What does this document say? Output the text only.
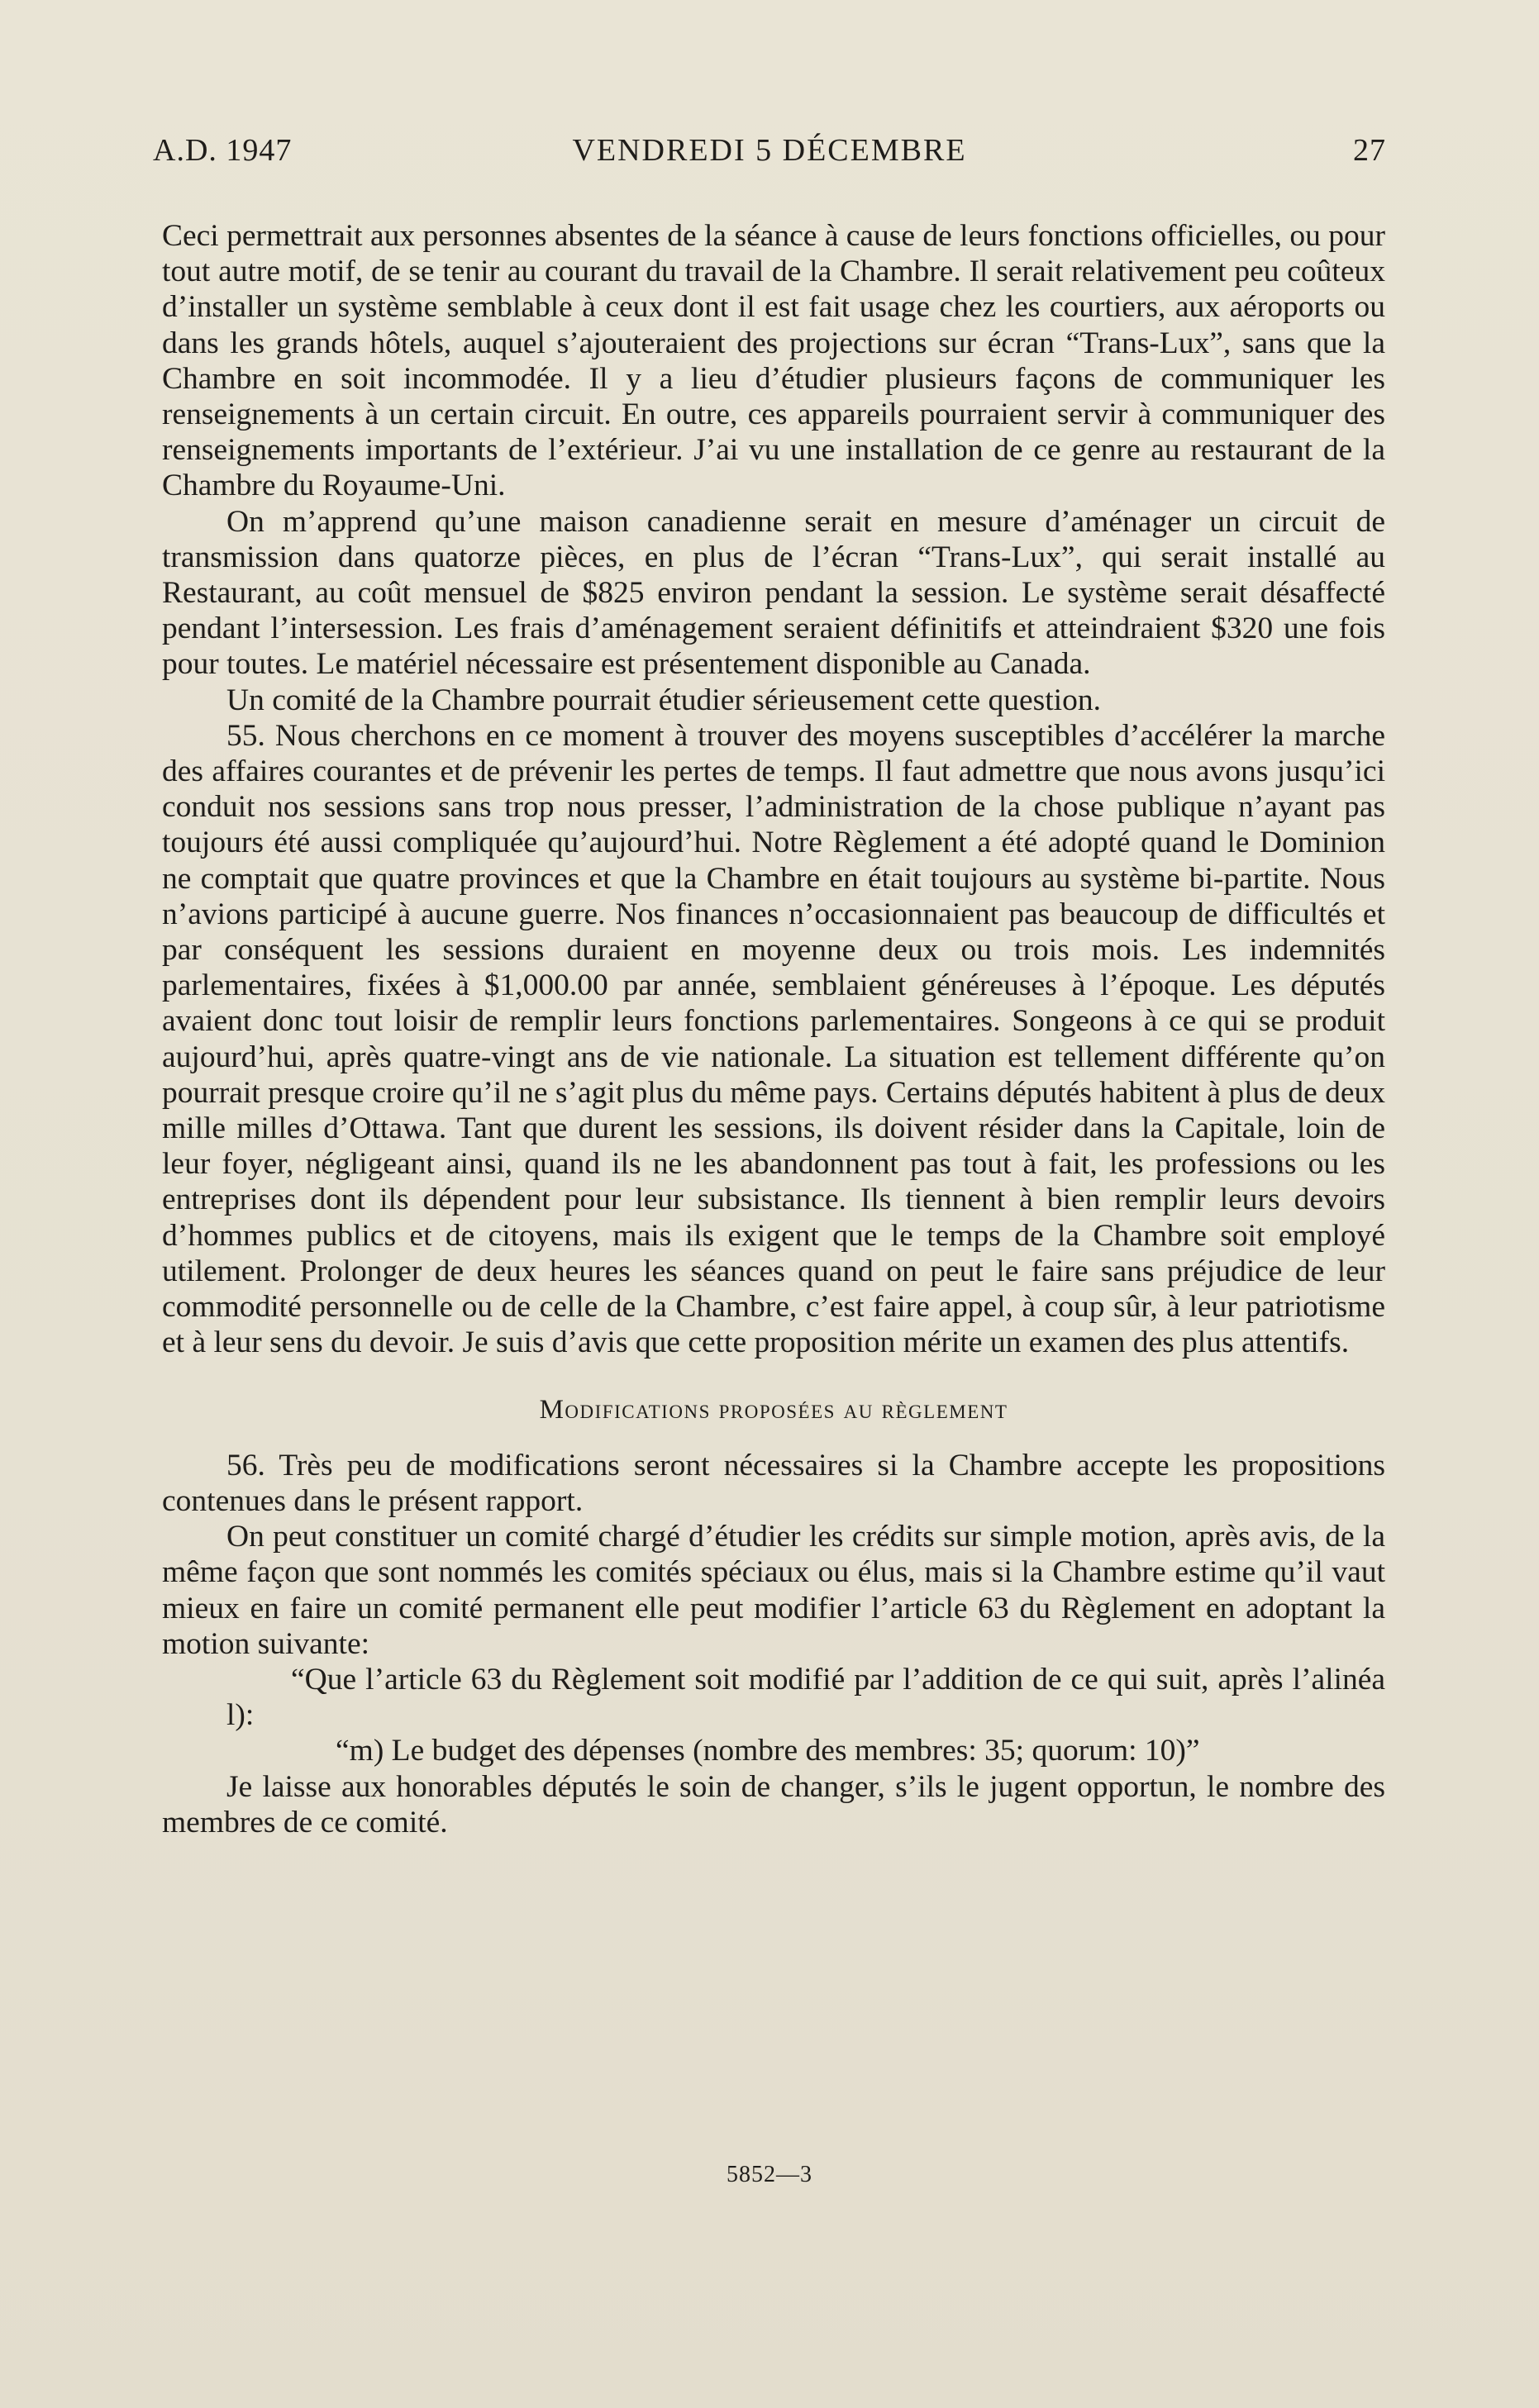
A.D. 1947	VENDREDI 5 DÉCEMBRE	27

Ceci permettrait aux personnes absentes de la séance à cause de leurs fonctions officielles, ou pour tout autre motif, de se tenir au courant du travail de la Chambre. Il serait relativement peu coûteux d’installer un système semblable à ceux dont il est fait usage chez les courtiers, aux aéroports ou dans les grands hôtels, auquel s’ajouteraient des projections sur écran “Trans-Lux”, sans que la Chambre en soit incommodée. Il y a lieu d’étudier plusieurs façons de communiquer les renseignements à un certain circuit. En outre, ces appareils pourraient servir à communiquer des renseignements importants de l’extérieur. J’ai vu une installation de ce genre au restaurant de la Chambre du Royaume-Uni.

On m’apprend qu’une maison canadienne serait en mesure d’aménager un circuit de transmission dans quatorze pièces, en plus de l’écran “Trans-Lux”, qui serait installé au Restaurant, au coût mensuel de $825 environ pendant la session. Le système serait désaffecté pendant l’intersession. Les frais d’aménagement seraient définitifs et atteindraient $320 une fois pour toutes. Le matériel nécessaire est présentement disponible au Canada.

Un comité de la Chambre pourrait étudier sérieusement cette question.

55. Nous cherchons en ce moment à trouver des moyens susceptibles d’accélérer la marche des affaires courantes et de prévenir les pertes de temps. Il faut admettre que nous avons jusqu’ici conduit nos sessions sans trop nous presser, l’administration de la chose publique n’ayant pas toujours été aussi compliquée qu’aujourd’hui. Notre Règlement a été adopté quand le Dominion ne comptait que quatre provinces et que la Chambre en était toujours au système bi-partite. Nous n’avions participé à aucune guerre. Nos finances n’occasionnaient pas beaucoup de difficultés et par conséquent les sessions duraient en moyenne deux ou trois mois. Les indemnités parlementaires, fixées à $1,000.00 par année, semblaient généreuses à l’époque. Les députés avaient donc tout loisir de remplir leurs fonctions parlementaires. Songeons à ce qui se produit aujourd’hui, après quatre-vingt ans de vie nationale. La situation est tellement différente qu’on pourrait presque croire qu’il ne s’agit plus du même pays. Certains députés habitent à plus de deux mille milles d’Ottawa. Tant que durent les sessions, ils doivent résider dans la Capitale, loin de leur foyer, négligeant ainsi, quand ils ne les abandonnent pas tout à fait, les professions ou les entreprises dont ils dépendent pour leur subsistance. Ils tiennent à bien remplir leurs devoirs d’hommes publics et de citoyens, mais ils exigent que le temps de la Chambre soit employé utilement. Prolonger de deux heures les séances quand on peut le faire sans préjudice de leur commodité personnelle ou de celle de la Chambre, c’est faire appel, à coup sûr, à leur patriotisme et à leur sens du devoir. Je suis d’avis que cette proposition mérite un examen des plus attentifs.

Modifications proposées au règlement

56. Très peu de modifications seront nécessaires si la Chambre accepte les propositions contenues dans le présent rapport.

On peut constituer un comité chargé d’étudier les crédits sur simple motion, après avis, de la même façon que sont nommés les comités spéciaux ou élus, mais si la Chambre estime qu’il vaut mieux en faire un comité permanent elle peut modifier l’article 63 du Règlement en adoptant la motion suivante:

“Que l’article 63 du Règlement soit modifié par l’addition de ce qui suit, après l’alinéa l):

“m) Le budget des dépenses (nombre des membres: 35; quorum: 10)”

Je laisse aux honorables députés le soin de changer, s’ils le jugent opportun, le nombre des membres de ce comité.

5852—3
